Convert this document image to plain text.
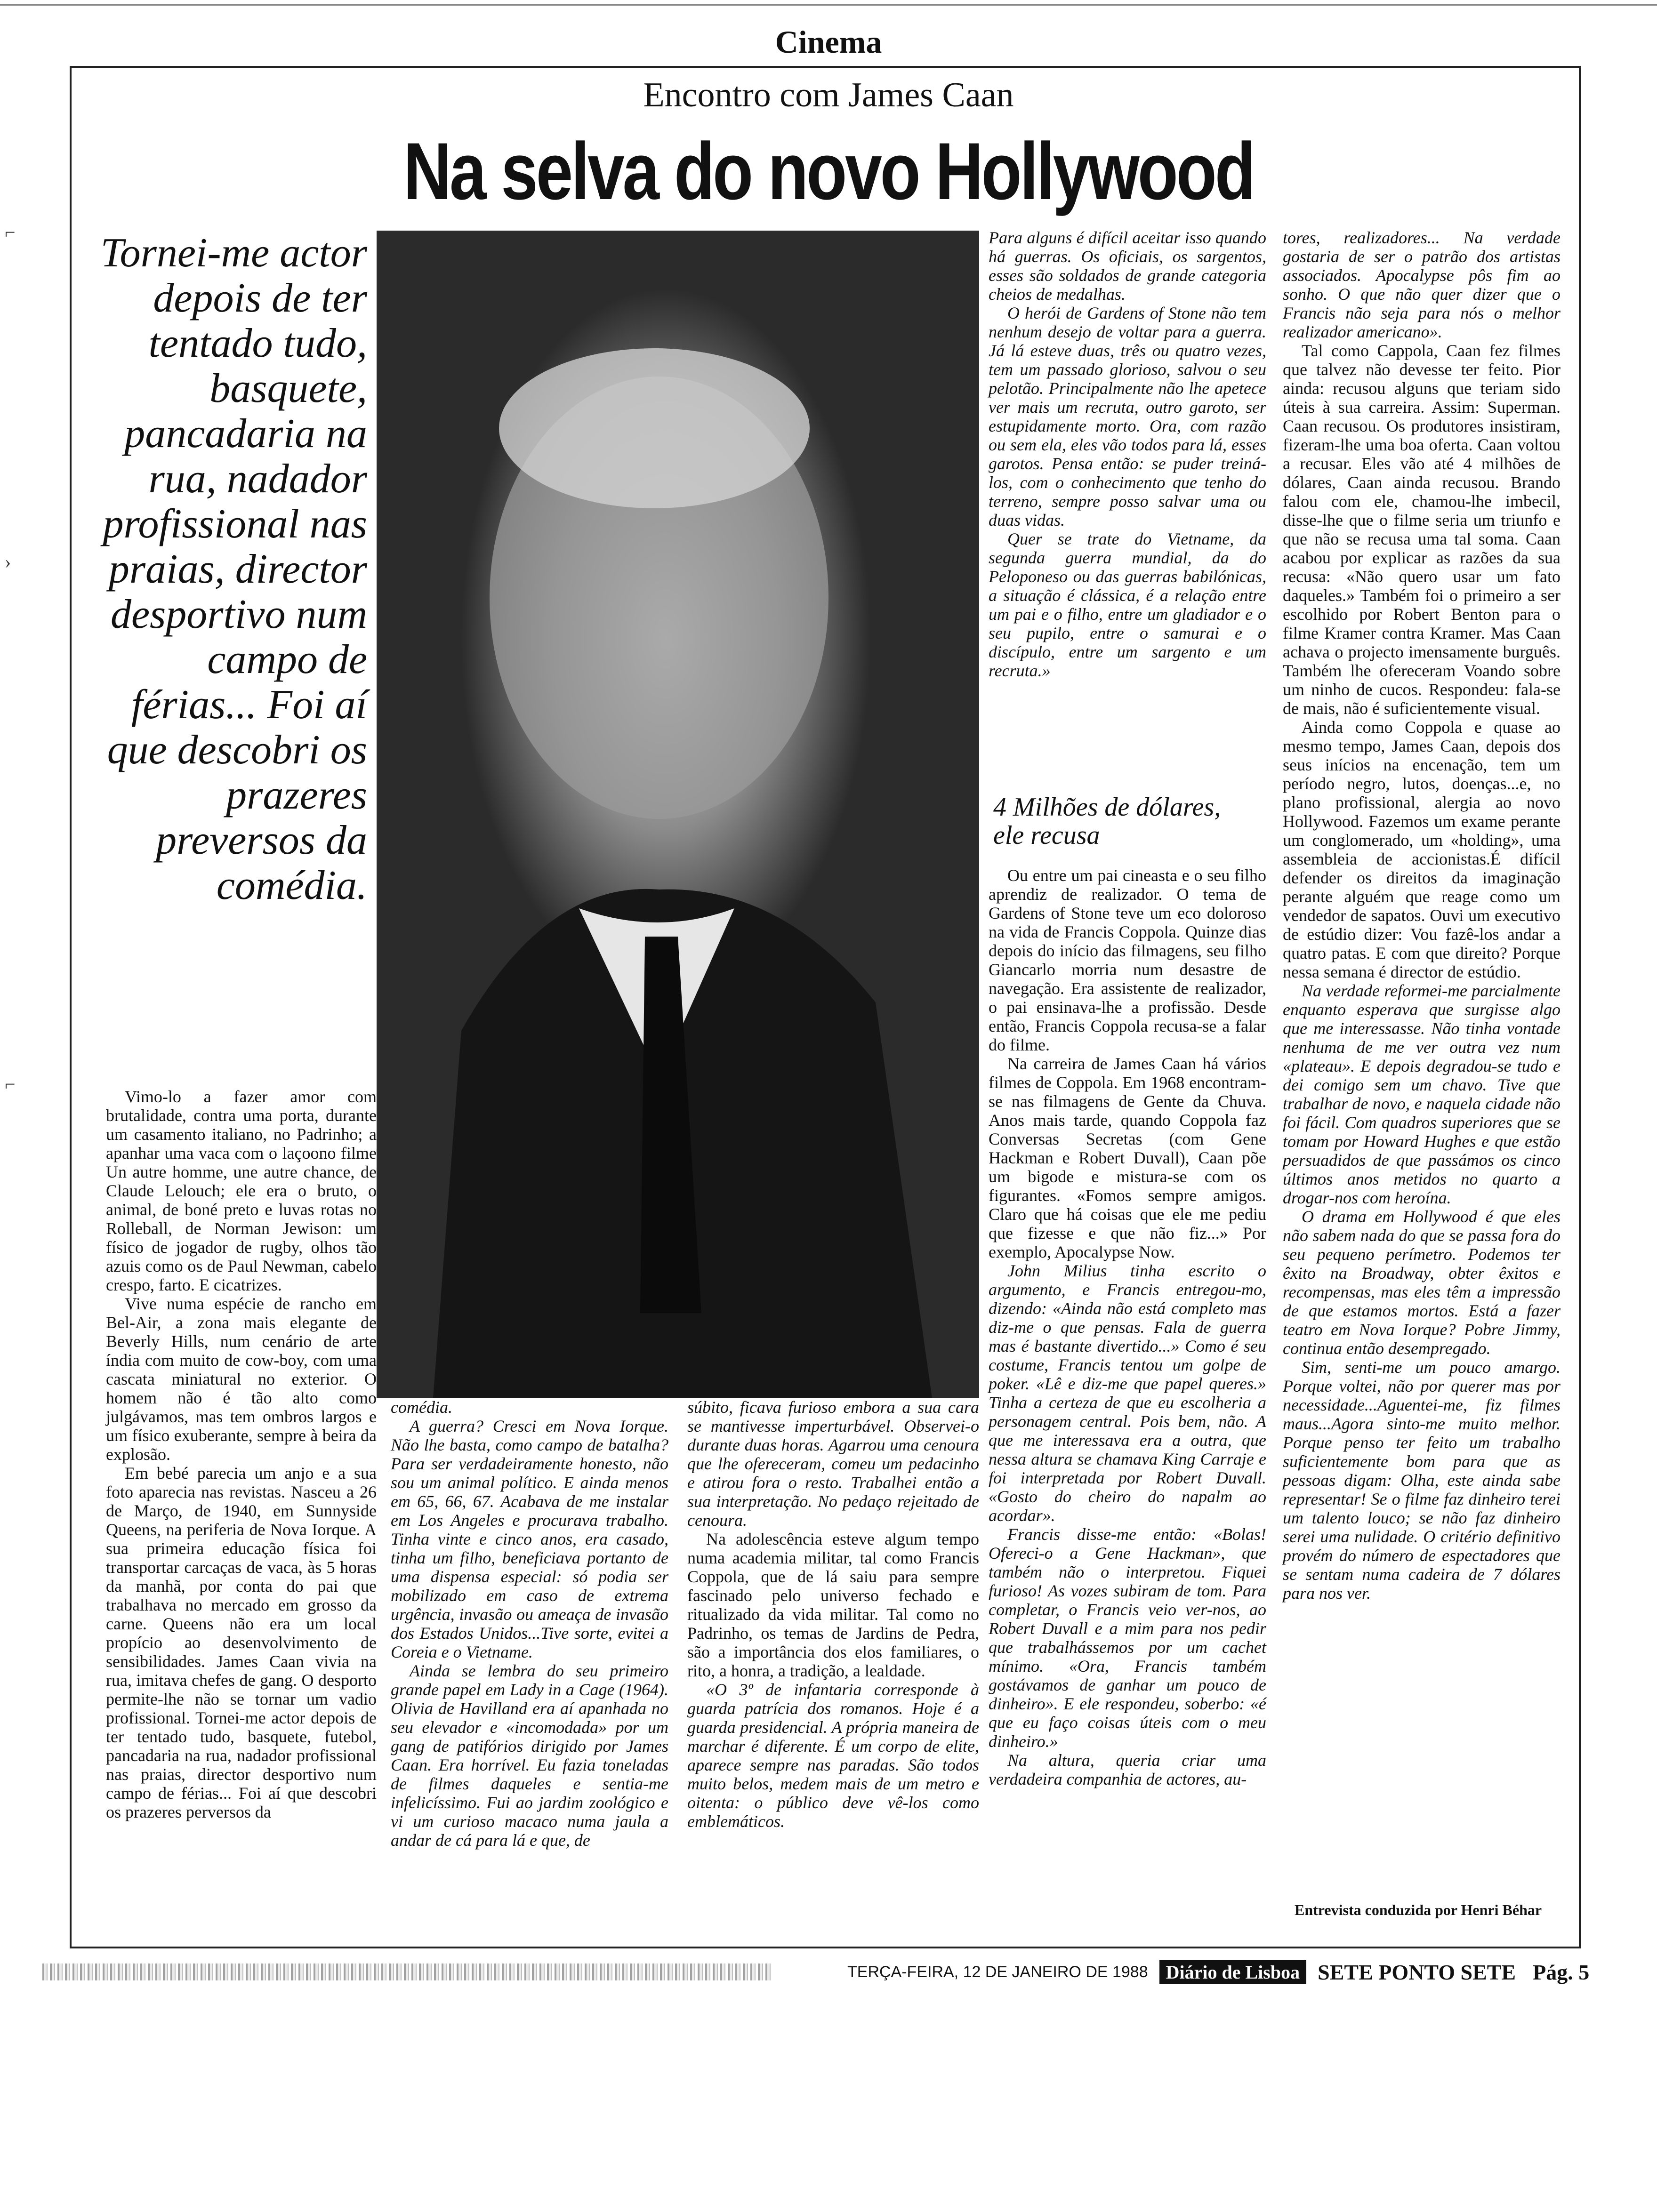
Cinema
Encontro com James Caan
Na selva do novo Hollywood
Tornei-me actor depois de ter tentado tudo, basquete, pancadaria na rua, nadador profissional nas praias, director desportivo num campo de férias... Foi aí que descobri os prazeres preversos da comédia.

Vimo-lo a fazer amor com brutalidade, contra uma porta, durante um casamento italiano, no Padrinho; a apanhar uma vaca com o laçoono filme Un autre homme, une autre chance, de Claude Lelouch; ele era o bruto, o animal, de boné preto e luvas rotas no Rolleball, de Norman Jewison: um físico de jogador de rugby, olhos tão azuis como os de Paul Newman, cabelo crespo, farto. E cicatrizes.

Vive numa espécie de rancho em Bel-Air, a zona mais elegante de Beverly Hills, num cenário de arte índia com muito de cow-boy, com uma cascata miniatural no exterior. O homem não é tão alto como julgávamos, mas tem ombros largos e um físico exuberante, sempre à beira da explosão.

Em bebé parecia um anjo e a sua foto aparecia nas revistas. Nasceu a 26 de Março, de 1940, em Sunnyside Queens, na periferia de Nova Iorque. A sua primeira educação física foi transportar carcaças de vaca, às 5 horas da manhã, por conta do pai que trabalhava no mercado em grosso da carne. Queens não era um local propício ao desenvolvimento de sensibilidades. James Caan vivia na rua, imitava chefes de gang. O desporto permite-lhe não se tornar um vadio profissional. Tornei-me actor depois de ter tentado tudo, basquete, futebol, pancadaria na rua, nadador profissional nas praias, director desportivo num campo de férias... Foi aí que descobri os prazeres perversos da

comédia.

A guerra? Cresci em Nova Iorque. Não lhe basta, como campo de batalha? Para ser verdadeiramente honesto, não sou um animal político. E ainda menos em 65, 66, 67. Acabava de me instalar em Los Angeles e procurava trabalho. Tinha vinte e cinco anos, era casado, tinha um filho, beneficiava portanto de uma dispensa especial: só podia ser mobilizado em caso de extrema urgência, invasão ou ameaça de invasão dos Estados Unidos...Tive sorte, evitei a Coreia e o Vietname.

Ainda se lembra do seu primeiro grande papel em Lady in a Cage (1964). Olivia de Havilland era aí apanhada no seu elevador e «incomodada» por um gang de patifórios dirigido por James Caan. Era horrível. Eu fazia toneladas de filmes daqueles e sentia-me infelicíssimo. Fui ao jardim zoológico e vi um curioso macaco numa jaula a andar de cá para lá e que, de

súbito, ficava furioso embora a sua cara se mantivesse imperturbável. Observei-o durante duas horas. Agarrou uma cenoura que lhe ofereceram, comeu um pedacinho e atirou fora o resto. Trabalhei então a sua interpretação. No pedaço rejeitado de cenoura.

Na adolescência esteve algum tempo numa academia militar, tal como Francis Coppola, que de lá saiu para sempre fascinado pelo universo fechado e ritualizado da vida militar. Tal como no Padrinho, os temas de Jardins de Pedra, são a importância dos elos familiares, o rito, a honra, a tradição, a lealdade.

«O 3º de infantaria corresponde à guarda patrícia dos romanos. Hoje é a guarda presidencial. A própria maneira de marchar é diferente. É um corpo de elite, aparece sempre nas paradas. São todos muito belos, medem mais de um metro e oitenta: o público deve vê-los como emblemáticos.

Para alguns é difícil aceitar isso quando há guerras. Os oficiais, os sargentos, esses são soldados de grande categoria cheios de medalhas.

O herói de Gardens of Stone não tem nenhum desejo de voltar para a guerra. Já lá esteve duas, três ou quatro vezes, tem um passado glorioso, salvou o seu pelotão. Principalmente não lhe apetece ver mais um recruta, outro garoto, ser estupidamente morto. Ora, com razão ou sem ela, eles vão todos para lá, esses garotos. Pensa então: se puder treiná-los, com o conhecimento que tenho do terreno, sempre posso salvar uma ou duas vidas.

Quer se trate do Vietname, da segunda guerra mundial, da do Peloponeso ou das guerras babilónicas, a situação é clássica, é a relação entre um pai e o filho, entre um gladiador e o seu pupilo, entre o samurai e o discípulo, entre um sargento e um recruta.»

4 Milhões de dólares, ele recusa

Ou entre um pai cineasta e o seu filho aprendiz de realizador. O tema de Gardens of Stone teve um eco doloroso na vida de Francis Coppola. Quinze dias depois do início das filmagens, seu filho Giancarlo morria num desastre de navegação. Era assistente de realizador, o pai ensinava-lhe a profissão. Desde então, Francis Coppola recusa-se a falar do filme.

Na carreira de James Caan há vários filmes de Coppola. Em 1968 encontram-se nas filmagens de Gente da Chuva. Anos mais tarde, quando Coppola faz Conversas Secretas (com Gene Hackman e Robert Duvall), Caan põe um bigode e mistura-se com os figurantes. «Fomos sempre amigos. Claro que há coisas que ele me pediu que fizesse e que não fiz...» Por exemplo, Apocalypse Now.

John Milius tinha escrito o argumento, e Francis entregou-mo, dizendo: «Ainda não está completo mas diz-me o que pensas. Fala de guerra mas é bastante divertido...» Como é seu costume, Francis tentou um golpe de poker. «Lê e diz-me que papel queres.» Tinha a certeza de que eu escolheria a personagem central. Pois bem, não. A que me interessava era a outra, que nessa altura se chamava King Carraje e foi interpretada por Robert Duvall. «Gosto do cheiro do napalm ao acordar».

Francis disse-me então: «Bolas! Ofereci-o a Gene Hackman», que também não o interpretou. Fiquei furioso! As vozes subiram de tom. Para completar, o Francis veio ver-nos, ao Robert Duvall e a mim para nos pedir que trabalhássemos por um cachet mínimo. «Ora, Francis também gostávamos de ganhar um pouco de dinheiro». E ele respondeu, soberbo: «é que eu faço coisas úteis com o meu dinheiro.»

Na altura, queria criar uma verdadeira companhia de actores, au-

tores, realizadores... Na verdade gostaria de ser o patrão dos artistas associados. Apocalypse pôs fim ao sonho. O que não quer dizer que o Francis não seja para nós o melhor realizador americano».

Tal como Cappola, Caan fez filmes que talvez não devesse ter feito. Pior ainda: recusou alguns que teriam sido úteis à sua carreira. Assim: Superman. Caan recusou. Os produtores insistiram, fizeram-lhe uma boa oferta. Caan voltou a recusar. Eles vão até 4 milhões de dólares, Caan ainda recusou. Brando falou com ele, chamou-lhe imbecil, disse-lhe que o filme seria um triunfo e que não se recusa uma tal soma. Caan acabou por explicar as razões da sua recusa: «Não quero usar um fato daqueles.» Também foi o primeiro a ser escolhido por Robert Benton para o filme Kramer contra Kramer. Mas Caan achava o projecto imensamente burguês. Também lhe ofereceram Voando sobre um ninho de cucos. Respondeu: fala-se de mais, não é suficientemente visual.

Ainda como Coppola e quase ao mesmo tempo, James Caan, depois dos seus inícios na encenação, tem um período negro, lutos, doenças...e, no plano profissional, alergia ao novo Hollywood. Fazemos um exame perante um conglomerado, um «holding», uma assembleia de accionistas.É difícil defender os direitos da imaginação perante alguém que reage como um vendedor de sapatos. Ouvi um executivo de estúdio dizer: Vou fazê-los andar a quatro patas. E com que direito? Porque nessa semana é director de estúdio.

Na verdade reformei-me parcialmente enquanto esperava que surgisse algo que me interessasse. Não tinha vontade nenhuma de me ver outra vez num «plateau». E depois degradou-se tudo e dei comigo sem um chavo. Tive que trabalhar de novo, e naquela cidade não foi fácil. Com quadros superiores que se tomam por Howard Hughes e que estão persuadidos de que passámos os cinco últimos anos metidos no quarto a drogar-nos com heroína.

O drama em Hollywood é que eles não sabem nada do que se passa fora do seu pequeno perímetro. Podemos ter êxito na Broadway, obter êxitos e recompensas, mas eles têm a impressão de que estamos mortos. Está a fazer teatro em Nova Iorque? Pobre Jimmy, continua então desempregado.

Sim, senti-me um pouco amargo. Porque voltei, não por querer mas por necessidade...Aguentei-me, fiz filmes maus...Agora sinto-me muito melhor. Porque penso ter feito um trabalho suficientemente bom para que as pessoas digam: Olha, este ainda sabe representar! Se o filme faz dinheiro terei um talento louco; se não faz dinheiro serei uma nulidade. O critério definitivo provém do número de espectadores que se sentam numa cadeira de 7 dólares para nos ver.

Entrevista conduzida por Henri Béhar
TERÇA-FEIRA, 12 DE JANEIRO DE 1988 Diário de Lisboa SETE PONTO SETE Pág. 5
⌐
›
⌐
